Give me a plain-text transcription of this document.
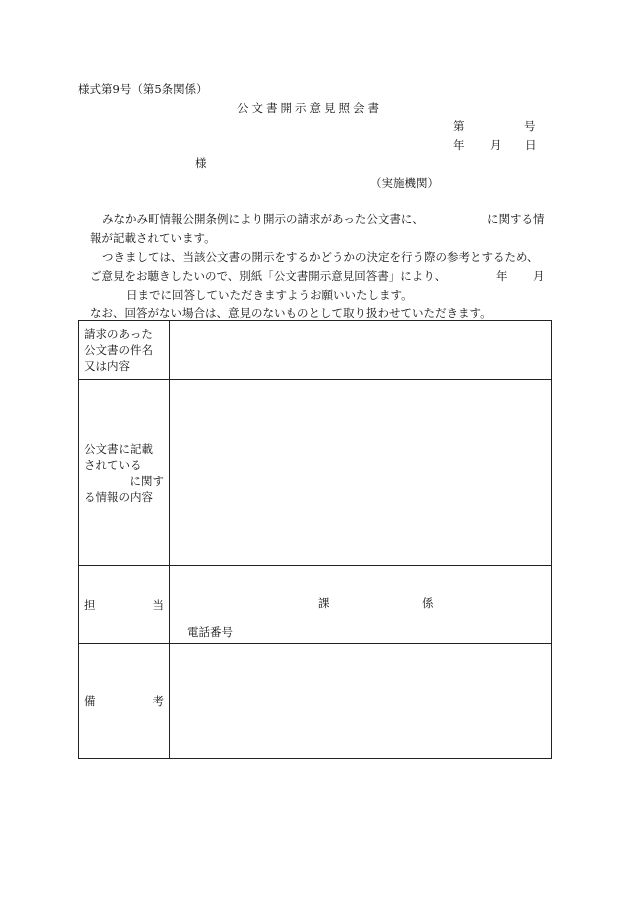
様式第9号（第5条関係）
公文書開示意見照会書
第	号
年 月 日
様
（実施機関）
みなかみ町情報公開条例により開示の請求があった公文書に、	に関する情
報が記載されています。
つきましては、当該公文書の開示をするかどうかの決定を行う際の参考とするため、
ご意見をお聴きしたいので、別紙「公文書開示意見回答書」により、	年 月
日までに回答していただきますようお願いいたします。
なお、回答がない場合は、意見のないものとして取り扱わせていただきます。
請求のあった
公文書の件名
又は内容	

公文書に記載
されている
に関す
る情報の内容	

担 当	課 係
電話番号

備 考	
